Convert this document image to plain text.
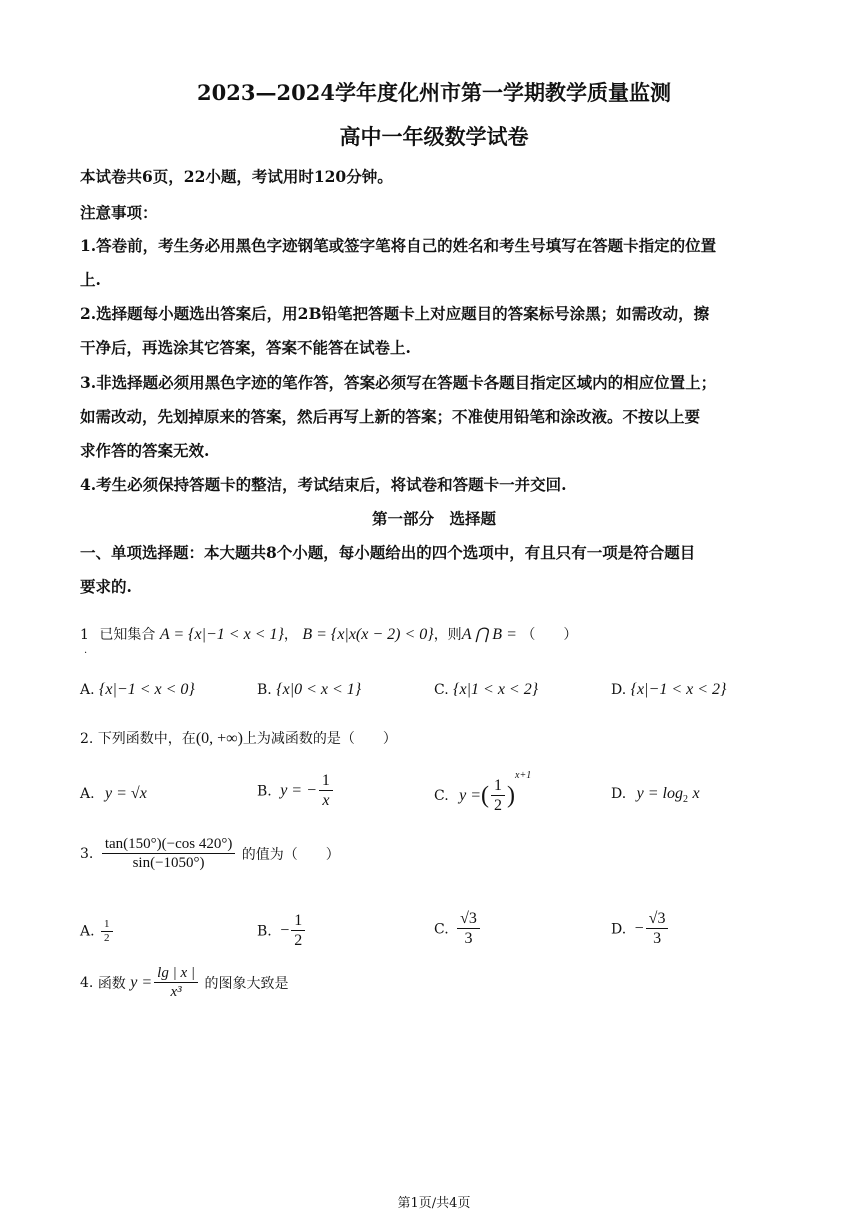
2023—2024学年度化州市第一学期教学质量监测
高中一年级数学试卷
本试卷共6页，22小题，考试用时120分钟。
注意事项：
1.答卷前，考生务必用黑色字迹钢笔或签字笔将自己的姓名和考生号填写在答题卡指定的位置
上.
2.选择题每小题选出答案后，用2B铅笔把答题卡上对应题目的答案标号涂黑；如需改动，擦
干净后，再选涂其它答案，答案不能答在试卷上.
3.非选择题必须用黑色字迹的笔作答，答案必须写在答题卡各题目指定区域内的相应位置上；
如需改动，先划掉原来的答案，然后再写上新的答案；不准使用铅笔和涂改液。不按以上要
求作答的答案无效.
4.考生必须保持答题卡的整洁，考试结束后，将试卷和答题卡一并交回.
第一部分　选择题
一、单项选择题：本大题共8个小题，每小题给出的四个选项中，有且只有一项是符合题目
要求的.
1 已知集合 A = {x|−1 < x < 1}， B = {x|x(x − 2) < 0}，则A ⋂ B = （　　）
.
A. {x|−1 < x < 0}	B. {x|0 < x < 1}	C. {x|1 < x < 2}	D. {x|−1 < x < 2}
2. 下列函数中，在(0, +∞)上为减函数的是（　　）
A. y = √x	B. y = − $\frac{1}{x}$	C. y =( $\frac{1}{2} )^{x+1}$
D. $y = \log_2 x$
3. $\frac{\tan(150^\circ)(-\cos 420^\circ)}{\sin(-1050^\circ)}$ 的值为（　　）
A. $\frac{1}{2}$	B. − $\frac{1}{2}$	C. $\frac{√3}{3}$	D. − $\frac{√3}{3}$
4. 函数 $y = \frac{\lg | x |}{\text{x³}}$ 的图象大致是
第1页/共4页
